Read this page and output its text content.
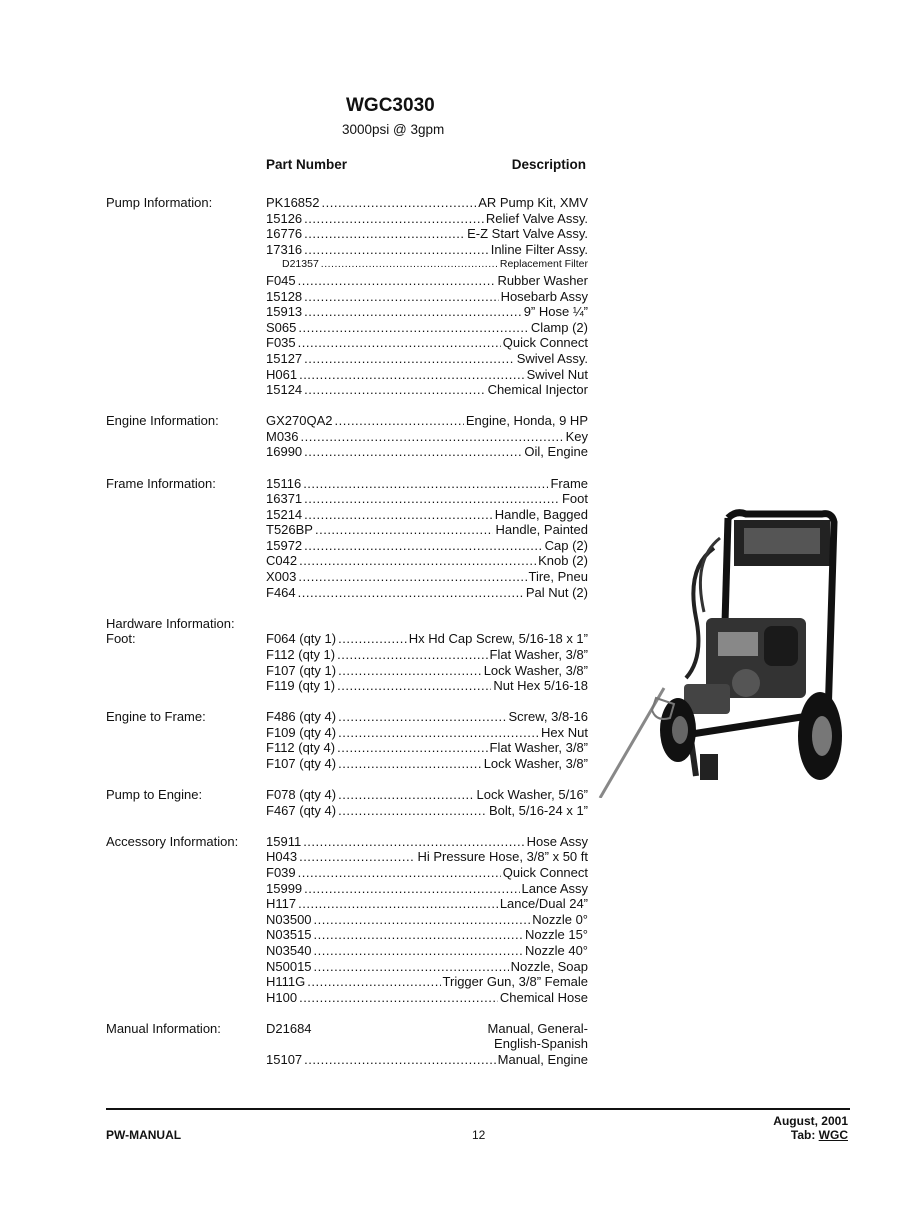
WGC3030
3000psi @ 3gpm
Part Number	Description
Pump Information:	PK16852 .....	AR Pump Kit, XMV
15126 .....	Relief Valve Assy.
16776 .....	E-Z Start Valve Assy.
17316 .....	Inline Filter Assy.
D21357 .....	Replacement Filter
F045 .....	Rubber Washer
15128 .....	Hosebarb Assy
15913 .....	9” Hose ¼”
S065 .....	Clamp (2)
F035 .....	Quick Connect
15127 .....	Swivel Assy.
H061 .....	Swivel Nut
15124 .....	Chemical Injector
Engine Information:	GX270QA2 .....	Engine, Honda, 9 HP
M036 .....	Key
16990 .....	Oil, Engine
Frame Information:	15116 .....	Frame
16371 .....	Foot
15214 .....	Handle, Bagged
T526BP .....	Handle, Painted
15972 .....	Cap (2)
C042 .....	Knob (2)
X003 .....	Tire, Pneu
F464 .....	Pal Nut (2)
Hardware Information:
Foot:	F064 (qty 1) .....	Hx Hd Cap Screw, 5/16-18 x 1”
F112 (qty 1) .....	Flat Washer, 3/8”
F107 (qty 1) .....	Lock Washer, 3/8”
F119 (qty 1) .....	Nut Hex 5/16-18
Engine to Frame:	F486 (qty 4) .....	Screw, 3/8-16
F109 (qty 4) .....	Hex Nut
F112 (qty 4) .....	Flat Washer, 3/8”
F107 (qty 4) .....	Lock Washer, 3/8”
Pump to Engine:	F078 (qty 4) .....	Lock Washer, 5/16”
F467 (qty 4) .....	Bolt, 5/16-24 x 1”
Accessory Information: 15911 .....	Hose Assy
H043 .....	Hi Pressure Hose, 3/8” x 50 ft
F039 .....	Quick Connect
15999 .....	Lance Assy
H117 .....	Lance/Dual 24”
N03500 .....	Nozzle 0°
N03515 .....	Nozzle 15°
N03540 .....	Nozzle 40°
N50015 .....	Nozzle, Soap
H111G .....	Trigger Gun, 3/8” Female
H100 .....	Chemical Hose
Manual Information:	D21684	Manual, General-
English-Spanish
15107 .....	Manual, Engine
PW-MANUAL	12
August, 2001
Tab: WGC
